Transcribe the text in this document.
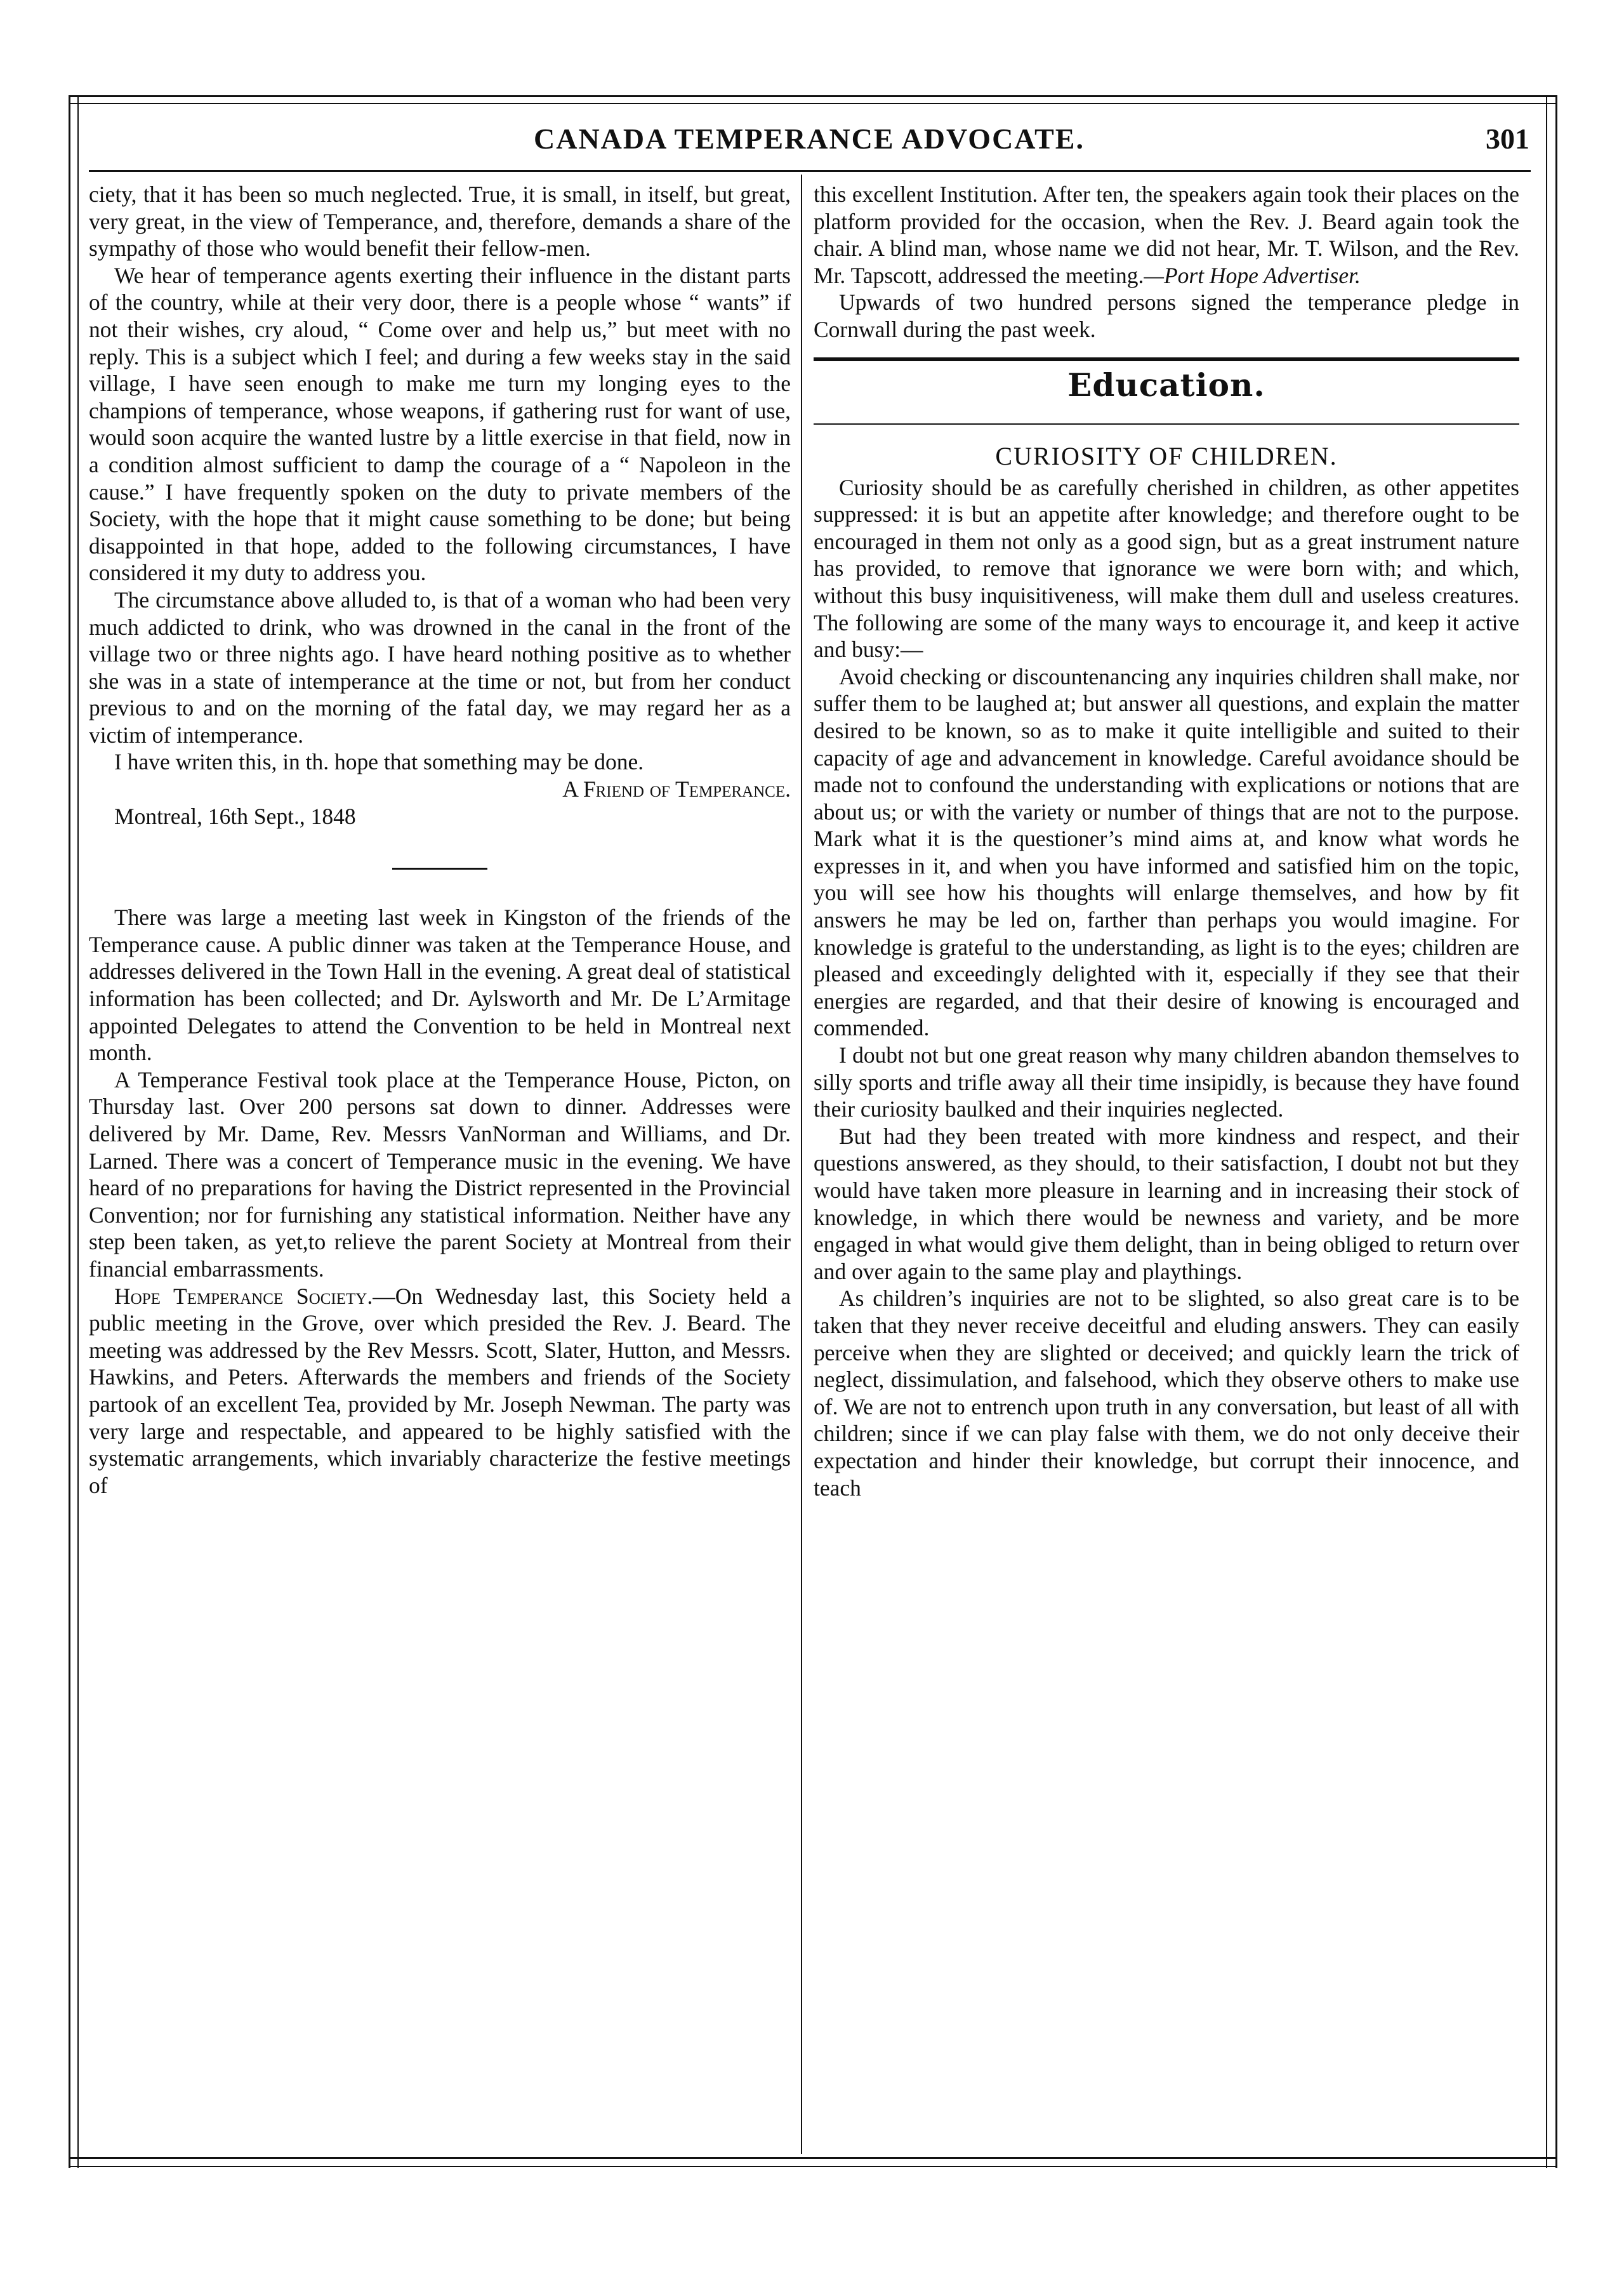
CANADA TEMPERANCE ADVOCATE.	301

ciety, that it has been so much neglected. True, it is small, in itself, but great, very great, in the view of Temperance, and, therefore, demands a share of the sympathy of those who would benefit their fellow-men.

We hear of temperance agents exerting their influence in the distant parts of the country, while at their very door, there is a people whose “ wants” if not their wishes, cry aloud, “ Come over and help us,” but meet with no reply. This is a subject which I feel; and during a few weeks stay in the said village, I have seen enough to make me turn my longing eyes to the champions of temperance, whose weapons, if gathering rust for want of use, would soon acquire the wanted lustre by a little exercise in that field, now in a condition almost sufficient to damp the courage of a “ Napoleon in the cause.” I have frequently spoken on the duty to private members of the Society, with the hope that it might cause something to be done; but being disappointed in that hope, added to the following circumstances, I have considered it my duty to address you.

The circumstance above alluded to, is that of a woman who had been very much addicted to drink, who was drowned in the canal in the front of the village two or three nights ago. I have heard nothing positive as to whether she was in a state of intemperance at the time or not, but from her conduct previous to and on the morning of the fatal day, we may regard her as a victim of intemperance.

I have writen this, in th. hope that something may be done.

A Friend of Temperance.

Montreal, 16th Sept., 1848

There was large a meeting last week in Kingston of the friends of the Temperance cause. A public dinner was taken at the Temperance House, and addresses delivered in the Town Hall in the evening. A great deal of statistical information has been collected; and Dr. Aylsworth and Mr. De L’Armitage appointed Delegates to attend the Convention to be held in Montreal next month.

A Temperance Festival took place at the Temperance House, Picton, on Thursday last. Over 200 persons sat down to dinner. Addresses were delivered by Mr. Dame, Rev. Messrs VanNorman and Williams, and Dr. Larned. There was a concert of Temperance music in the evening. We have heard of no preparations for having the District represented in the Provincial Convention; nor for furnishing any statistical information. Neither have any step been taken, as yet,to relieve the parent Society at Montreal from their financial embarrassments.

Hope Temperance Society.—On Wednesday last, this Society held a public meeting in the Grove, over which presided the Rev. J. Beard. The meeting was addressed by the Rev Messrs. Scott, Slater, Hutton, and Messrs. Hawkins, and Peters. Afterwards the members and friends of the Society partook of an excellent Tea, provided by Mr. Joseph Newman. The party was very large and respectable, and appeared to be highly satisfied with the systematic arrangements, which invariably characterize the festive meetings of

this excellent Institution. After ten, the speakers again took their places on the platform provided for the occasion, when the Rev. J. Beard again took the chair. A blind man, whose name we did not hear, Mr. T. Wilson, and the Rev. Mr. Tapscott, addressed the meeting.—Port Hope Advertiser.

Upwards of two hundred persons signed the temperance pledge in Cornwall during the past week.

Education.
CURIOSITY OF CHILDREN.

Curiosity should be as carefully cherished in children, as other appetites suppressed: it is but an appetite after knowledge; and therefore ought to be encouraged in them not only as a good sign, but as a great instrument nature has provided, to remove that ignorance we were born with; and which, without this busy inquisitiveness, will make them dull and useless creatures. The following are some of the many ways to encourage it, and keep it active and busy:—

Avoid checking or discountenancing any inquiries children shall make, nor suffer them to be laughed at; but answer all questions, and explain the matter desired to be known, so as to make it quite intelligible and suited to their capacity of age and advancement in knowledge. Careful avoidance should be made not to confound the understanding with explications or notions that are about us; or with the variety or number of things that are not to the purpose. Mark what it is the questioner’s mind aims at, and know what words he expresses in it, and when you have informed and satisfied him on the topic, you will see how his thoughts will enlarge themselves, and how by fit answers he may be led on, farther than perhaps you would imagine. For knowledge is grateful to the understanding, as light is to the eyes; children are pleased and exceedingly delighted with it, especially if they see that their energies are regarded, and that their desire of knowing is encouraged and commended.

I doubt not but one great reason why many children abandon themselves to silly sports and trifle away all their time insipidly, is because they have found their curiosity baulked and their inquiries neglected.

But had they been treated with more kindness and respect, and their questions answered, as they should, to their satisfaction, I doubt not but they would have taken more pleasure in learning and in increasing their stock of knowledge, in which there would be newness and variety, and be more engaged in what would give them delight, than in being obliged to return over and over again to the same play and playthings.

As children’s inquiries are not to be slighted, so also great care is to be taken that they never receive deceitful and eluding answers. They can easily perceive when they are slighted or deceived; and quickly learn the trick of neglect, dissimulation, and falsehood, which they observe others to make use of. We are not to entrench upon truth in any conversation, but least of all with children; since if we can play false with them, we do not only deceive their expectation and hinder their knowledge, but corrupt their innocence, and teach
